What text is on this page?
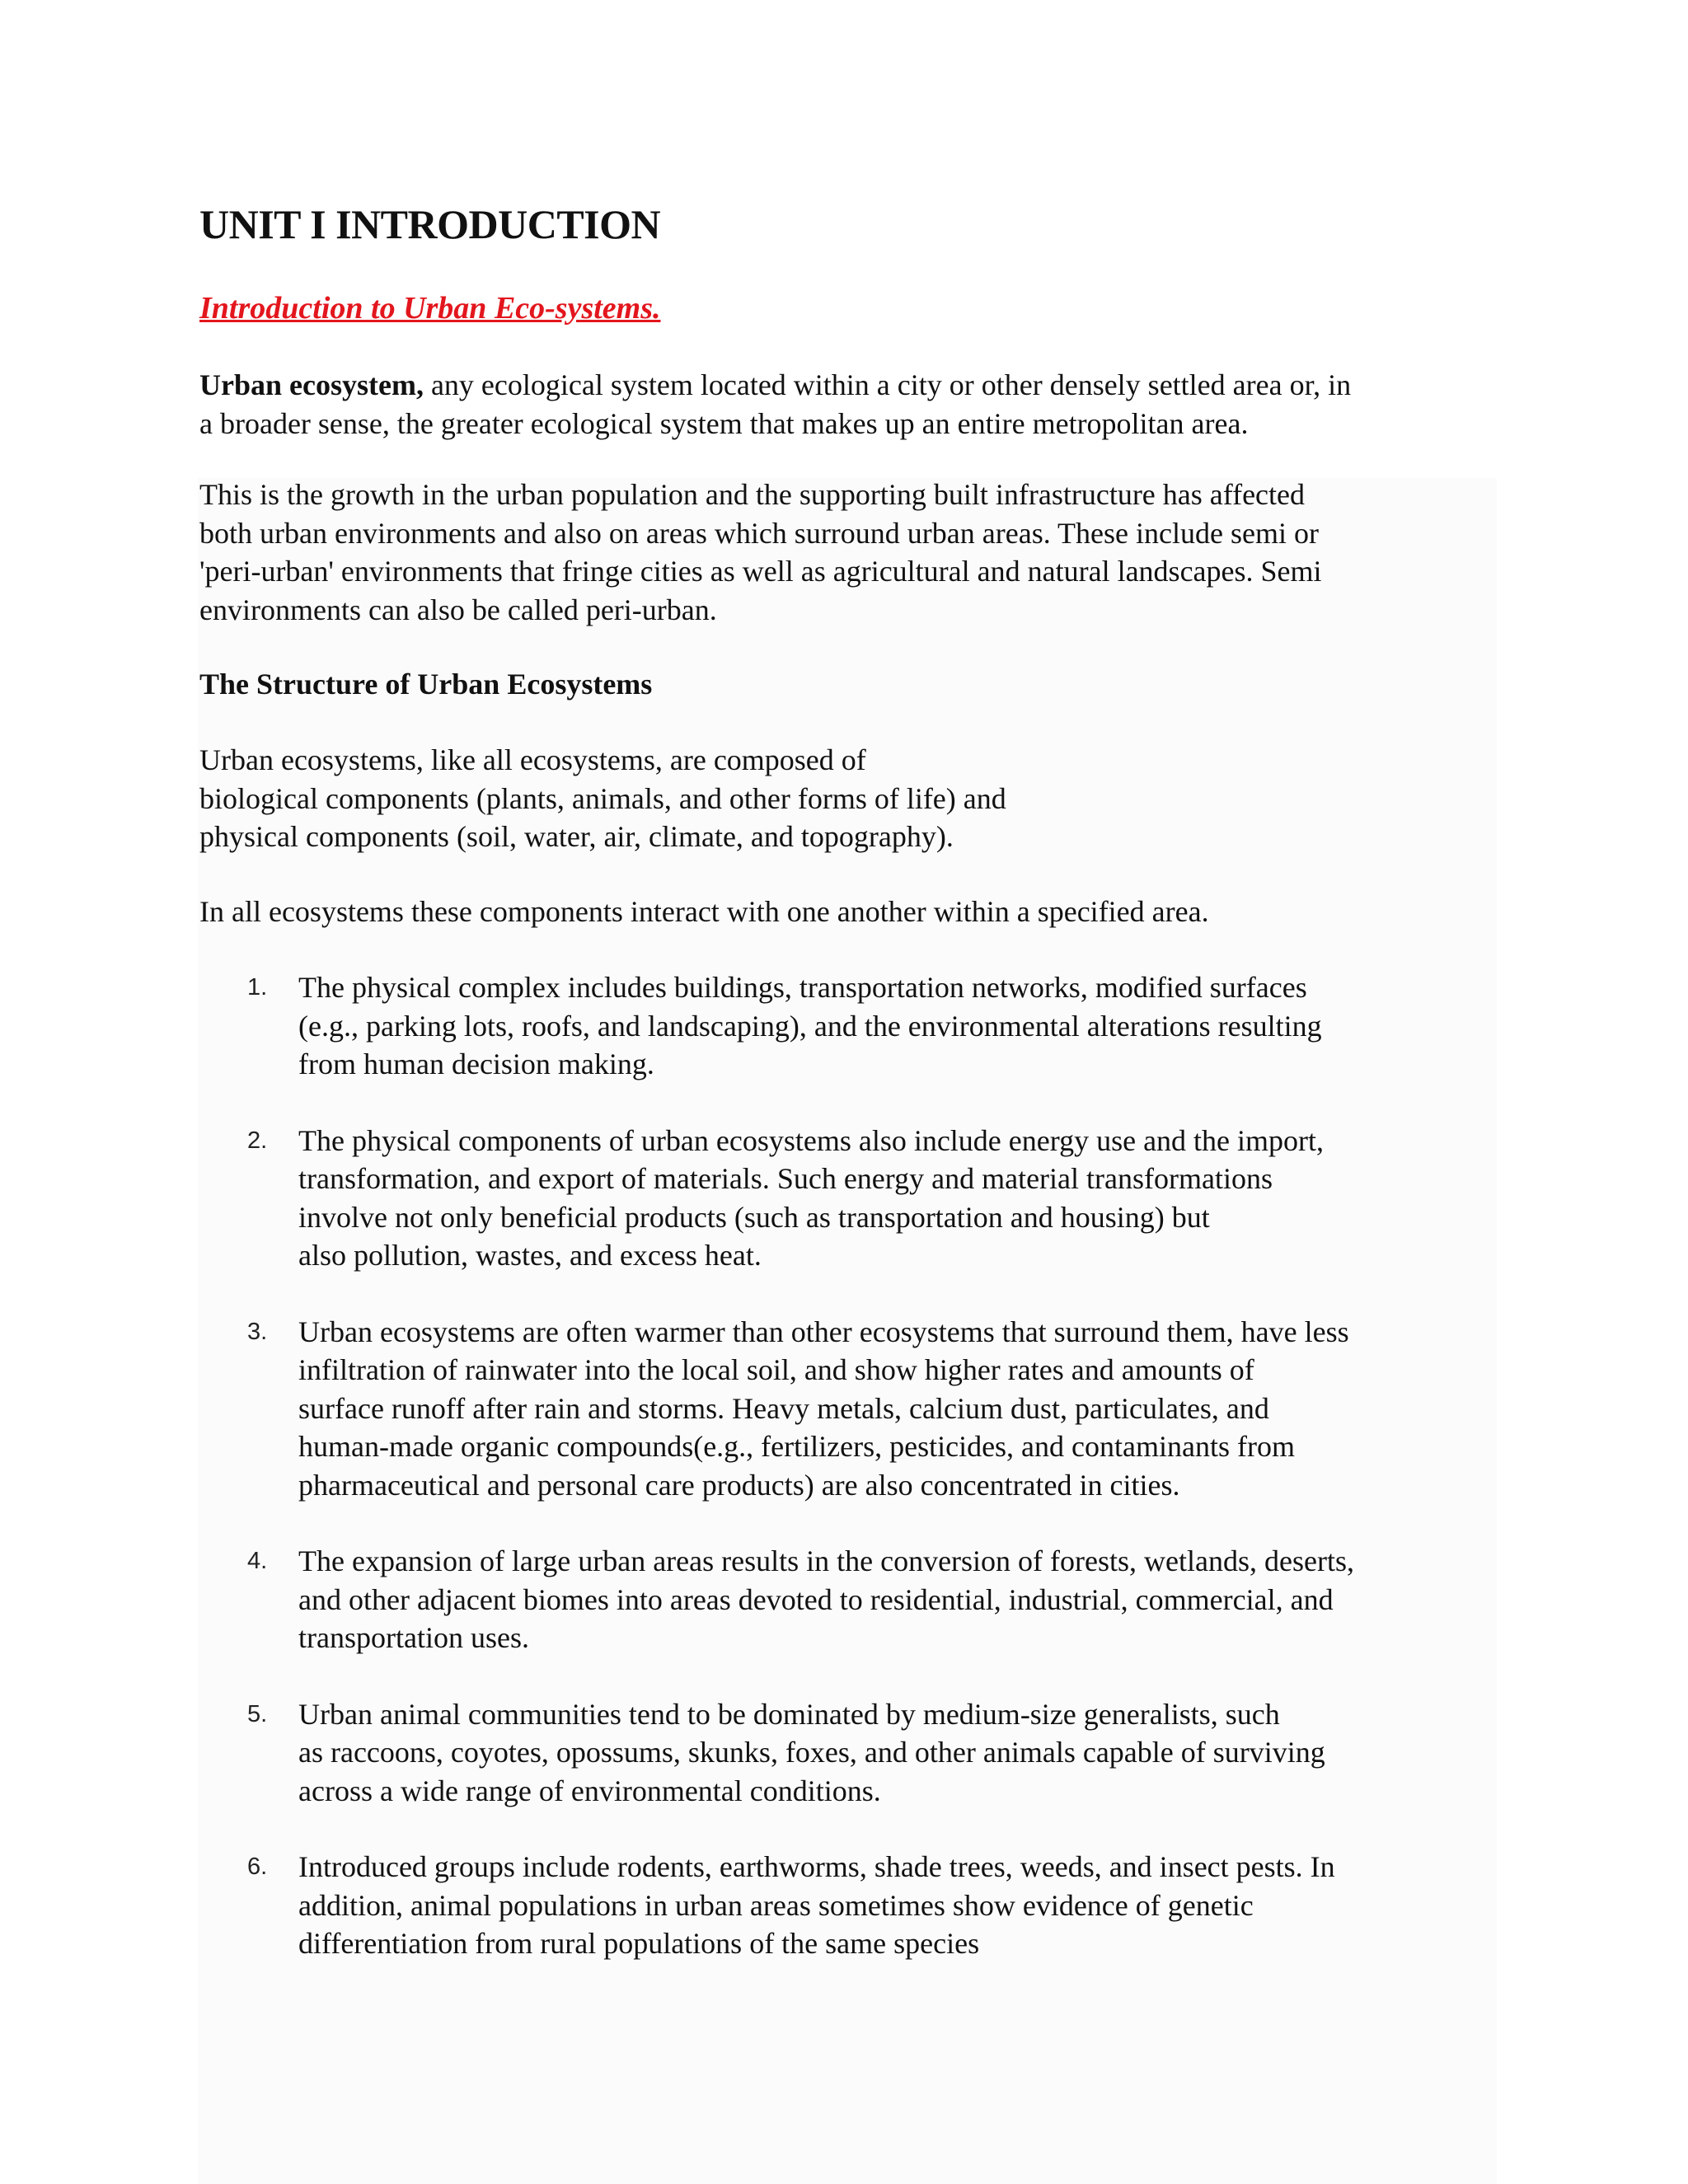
UNIT I INTRODUCTION
Introduction to Urban Eco-systems.

Urban ecosystem, any ecological system located within a city or other densely settled area or, in
a broader sense, the greater ecological system that makes up an entire metropolitan area.

This is the growth in the urban population and the supporting built infrastructure has affected
both urban environments and also on areas which surround urban areas. These include semi or
'peri-urban' environments that fringe cities as well as agricultural and natural landscapes. Semi
environments can also be called peri-urban.

The Structure of Urban Ecosystems

Urban ecosystems, like all ecosystems, are composed of
biological components (plants, animals, and other forms of life) and
physical components (soil, water, air, climate, and topography).

In all ecosystems these components interact with one another within a specified area.

1. The physical complex includes buildings, transportation networks, modified surfaces
(e.g., parking lots, roofs, and landscaping), and the environmental alterations resulting
from human decision making.
2. The physical components of urban ecosystems also include energy use and the import,
transformation, and export of materials. Such energy and material transformations
involve not only beneficial products (such as transportation and housing) but
also pollution, wastes, and excess heat.
3. Urban ecosystems are often warmer than other ecosystems that surround them, have less
infiltration of rainwater into the local soil, and show higher rates and amounts of
surface runoff after rain and storms. Heavy metals, calcium dust, particulates, and
human-made organic compounds(e.g., fertilizers, pesticides, and contaminants from
pharmaceutical and personal care products) are also concentrated in cities.
4. The expansion of large urban areas results in the conversion of forests, wetlands, deserts,
and other adjacent biomes into areas devoted to residential, industrial, commercial, and
transportation uses.
5. Urban animal communities tend to be dominated by medium-size generalists, such
as raccoons, coyotes, opossums, skunks, foxes, and other animals capable of surviving
across a wide range of environmental conditions.
6. Introduced groups include rodents, earthworms, shade trees, weeds, and insect pests. In
addition, animal populations in urban areas sometimes show evidence of genetic
differentiation from rural populations of the same species
